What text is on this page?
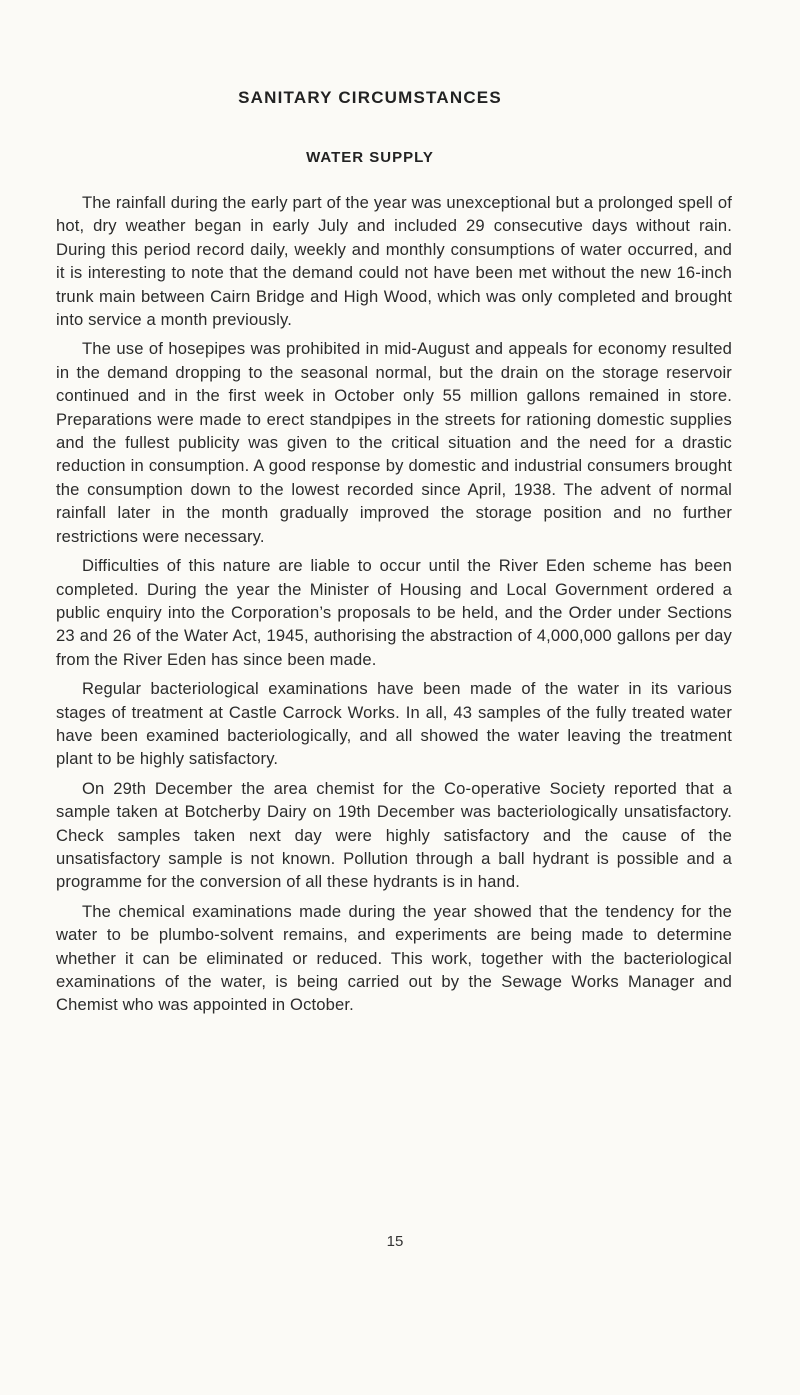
SANITARY CIRCUMSTANCES
WATER SUPPLY

The rainfall during the early part of the year was unexceptional but a prolonged spell of hot, dry weather began in early July and included 29 consecutive days without rain. During this period record daily, weekly and monthly consumptions of water occurred, and it is interesting to note that the demand could not have been met without the new 16-inch trunk main between Cairn Bridge and High Wood, which was only completed and brought into service a month previously.

The use of hosepipes was prohibited in mid-August and appeals for economy resulted in the demand dropping to the seasonal normal, but the drain on the storage reservoir continued and in the first week in October only 55 million gallons remained in store. Preparations were made to erect standpipes in the streets for rationing domestic supplies and the fullest publicity was given to the critical situation and the need for a drastic reduction in consumption. A good response by domestic and industrial consumers brought the consumption down to the lowest recorded since April, 1938. The advent of normal rainfall later in the month gradually improved the storage position and no further restrictions were necessary.

Difficulties of this nature are liable to occur until the River Eden scheme has been completed. During the year the Minister of Housing and Local Government ordered a public enquiry into the Corporation’s proposals to be held, and the Order under Sections 23 and 26 of the Water Act, 1945, authorising the abstraction of 4,000,000 gallons per day from the River Eden has since been made.

Regular bacteriological examinations have been made of the water in its various stages of treatment at Castle Carrock Works. In all, 43 samples of the fully treated water have been examined bacteriologically, and all showed the water leaving the treatment plant to be highly satisfactory.

On 29th December the area chemist for the Co-operative Society reported that a sample taken at Botcherby Dairy on 19th December was bacteriologically unsatisfactory. Check samples taken next day were highly satisfactory and the cause of the unsatisfactory sample is not known. Pollution through a ball hydrant is possible and a programme for the conversion of all these hydrants is in hand.

The chemical examinations made during the year showed that the tendency for the water to be plumbo-solvent remains, and experiments are being made to determine whether it can be eliminated or reduced. This work, together with the bacteriological examinations of the water, is being carried out by the Sewage Works Manager and Chemist who was appointed in October.

15
